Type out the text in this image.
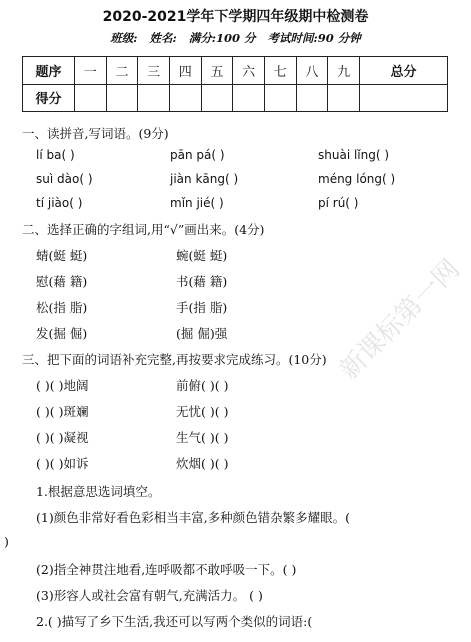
2020-2021学年下学期四年级期中检测卷
班级: 姓名: 满分:100 分 考试时间:90 分钟
题序	一	二	三	四	五	六	七	八	九	总分
得分										
一、读拼音,写词语。(9分)
lí ba( )	pān pá( )	shuài lǐng( )
suì dào( )	jiàn kāng( )	méng lóng( )
tí jiào( )	mǐn jié( )	pí rú( )
二、选择正确的字组词,用“√”画出来。(4分)
蜻(蜓 蜓)	蜿(蜓 蜓)
慰(藉 籍)	书(藉 籍)
松(指 脂)	手(指 脂)
发(掘 倔)	(掘 倔)强
三、把下面的词语补充完整,再按要求完成练习。(10分)
( )( )地阔	前俯( )( )
( )( )斑斓	无忧( )( )
( )( )凝视	生气( )( )
( )( )如诉	炊烟( )( )
1.根据意思选词填空。
(1)颜色非常好看色彩相当丰富,多种颜色错杂繁多耀眼。(
)
(2)指全神贯注地看,连呼吸都不敢呼吸一下。( )
(3)形容人或社会富有朝气,充满活力。 ( )
2.( )描写了乡下生活,我还可以写两个类似的词语:(
新课标第一网
